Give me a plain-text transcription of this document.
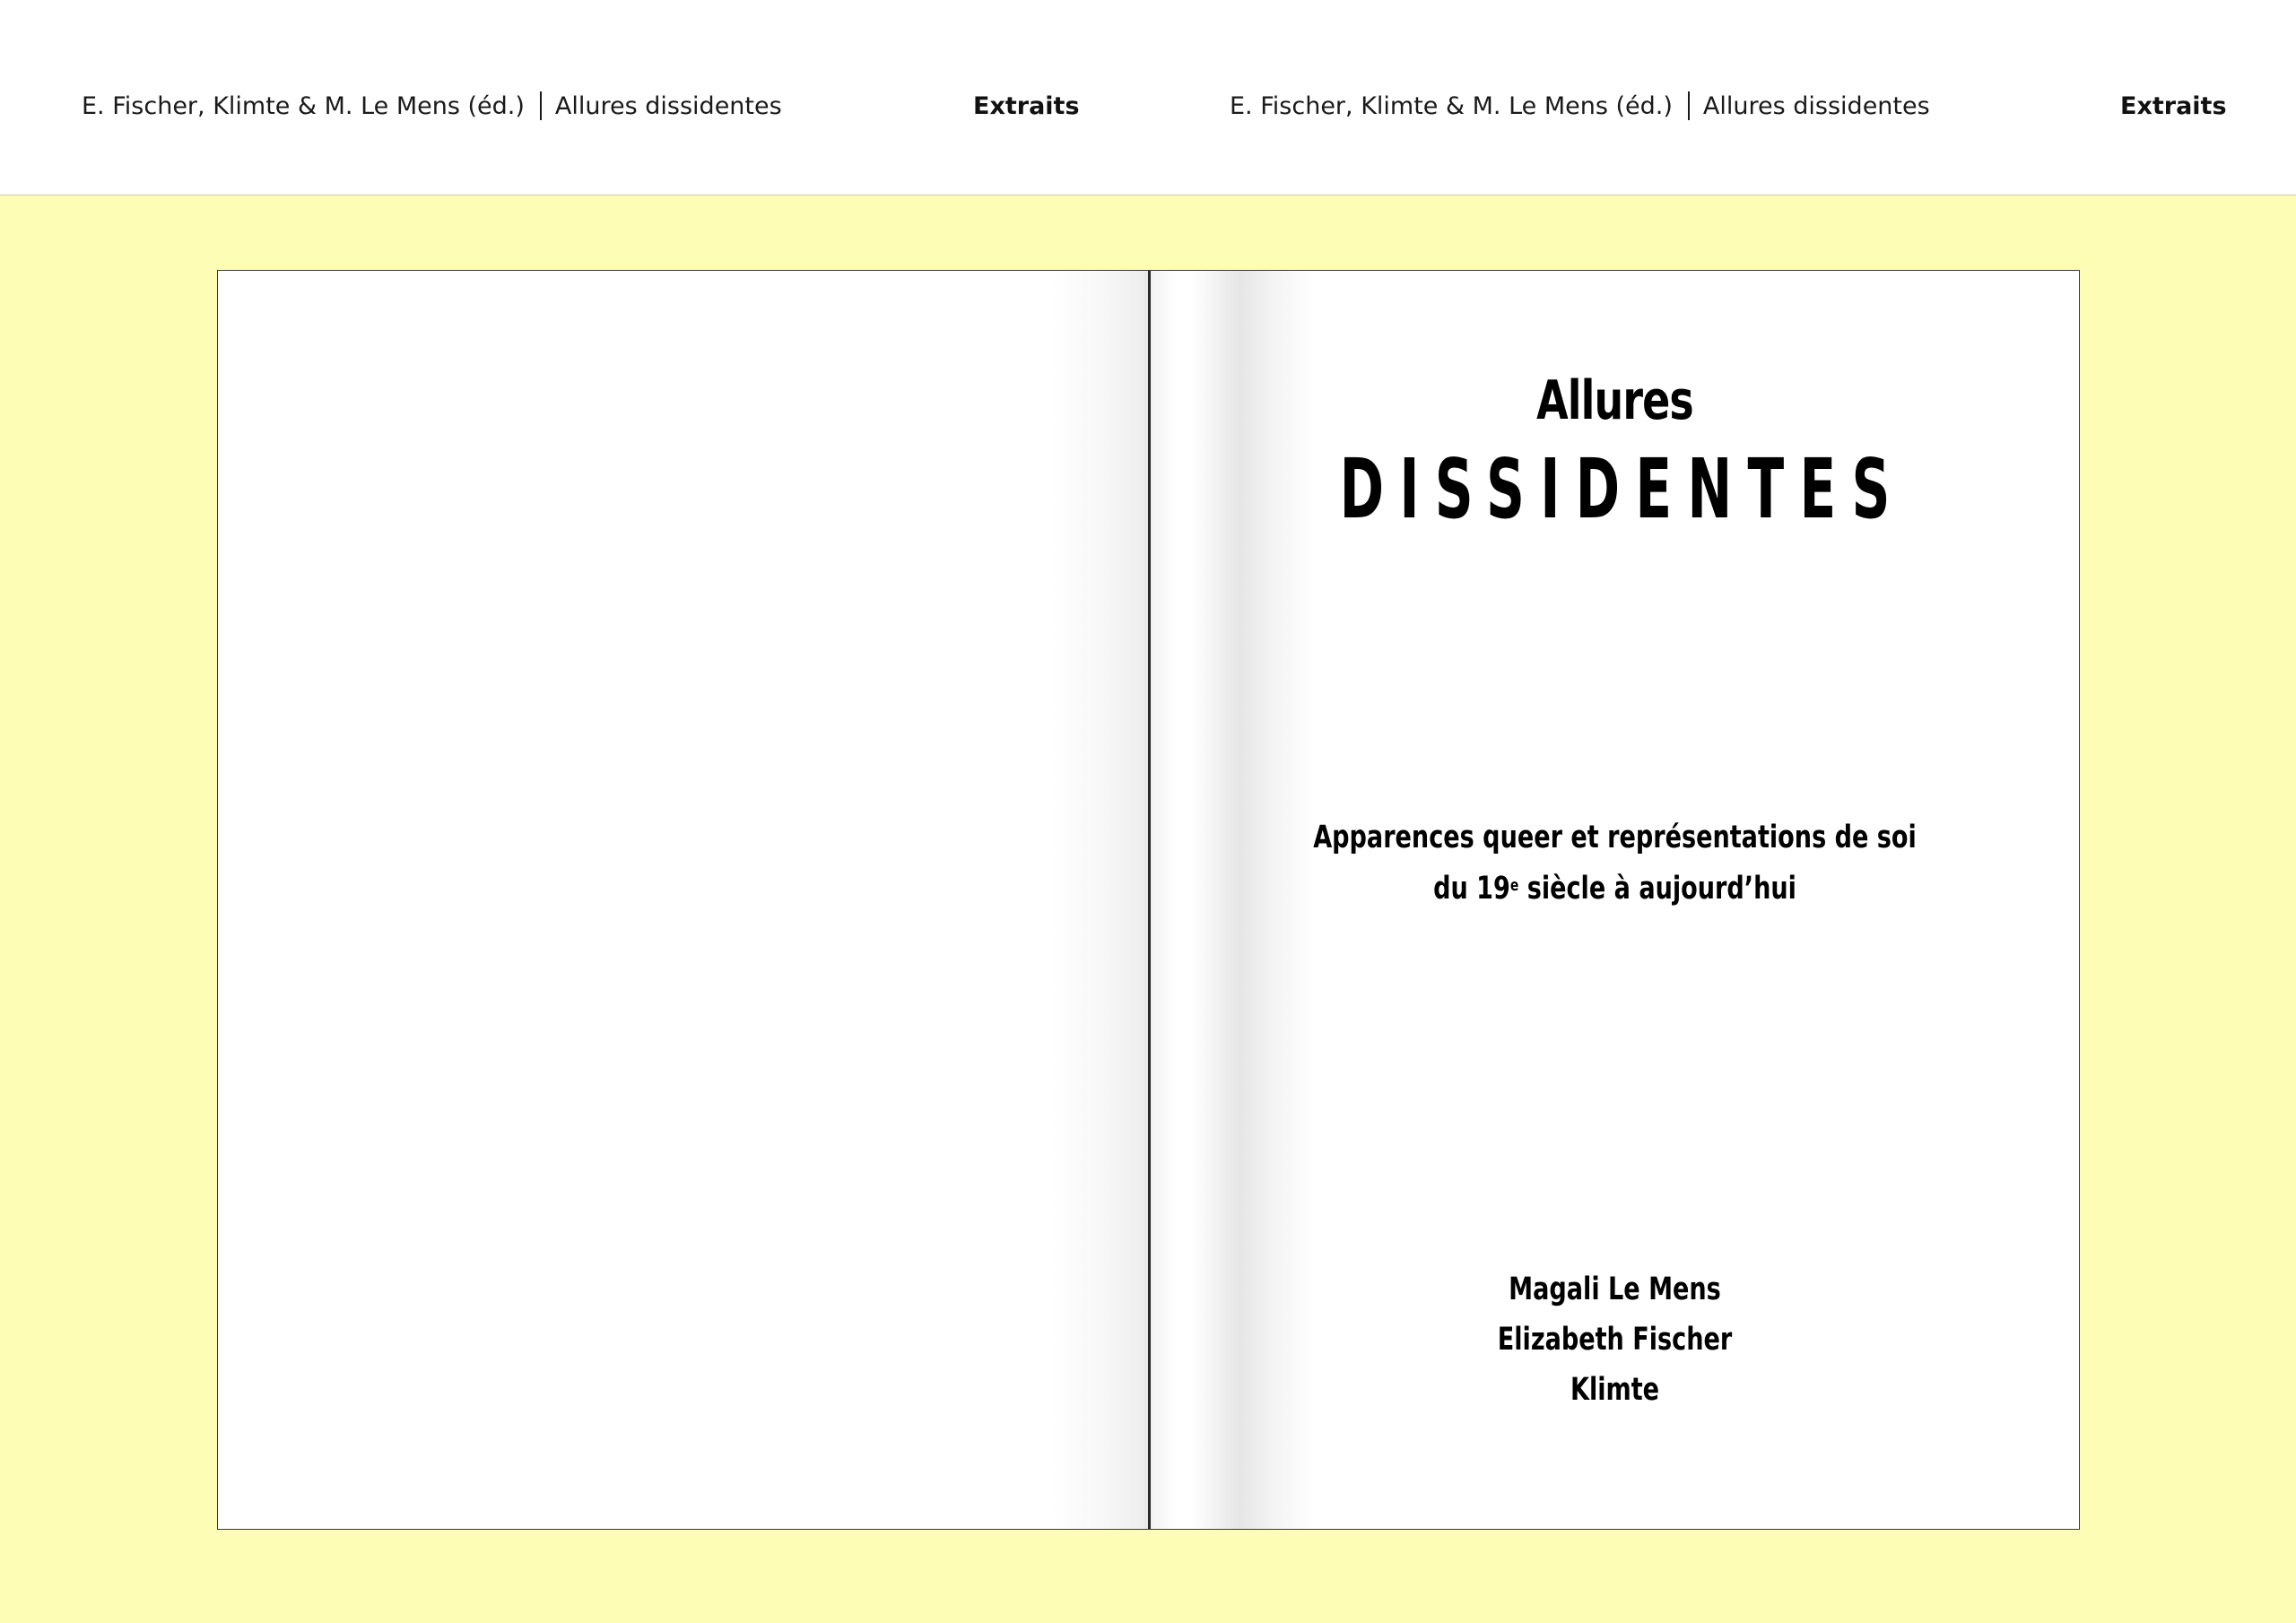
E. Fischer, Klimte & M. Le Mens (éd.) Allures dissidentes	Extraits	E. Fischer, Klimte & M. Le Mens (éd.) Allures dissidentes	Extraits
Allures
DISSIDENTES
Apparences queer et représentations de soi
du 19e siècle à aujourd’hui
Magali Le Mens
Elizabeth Fischer
Klimte
